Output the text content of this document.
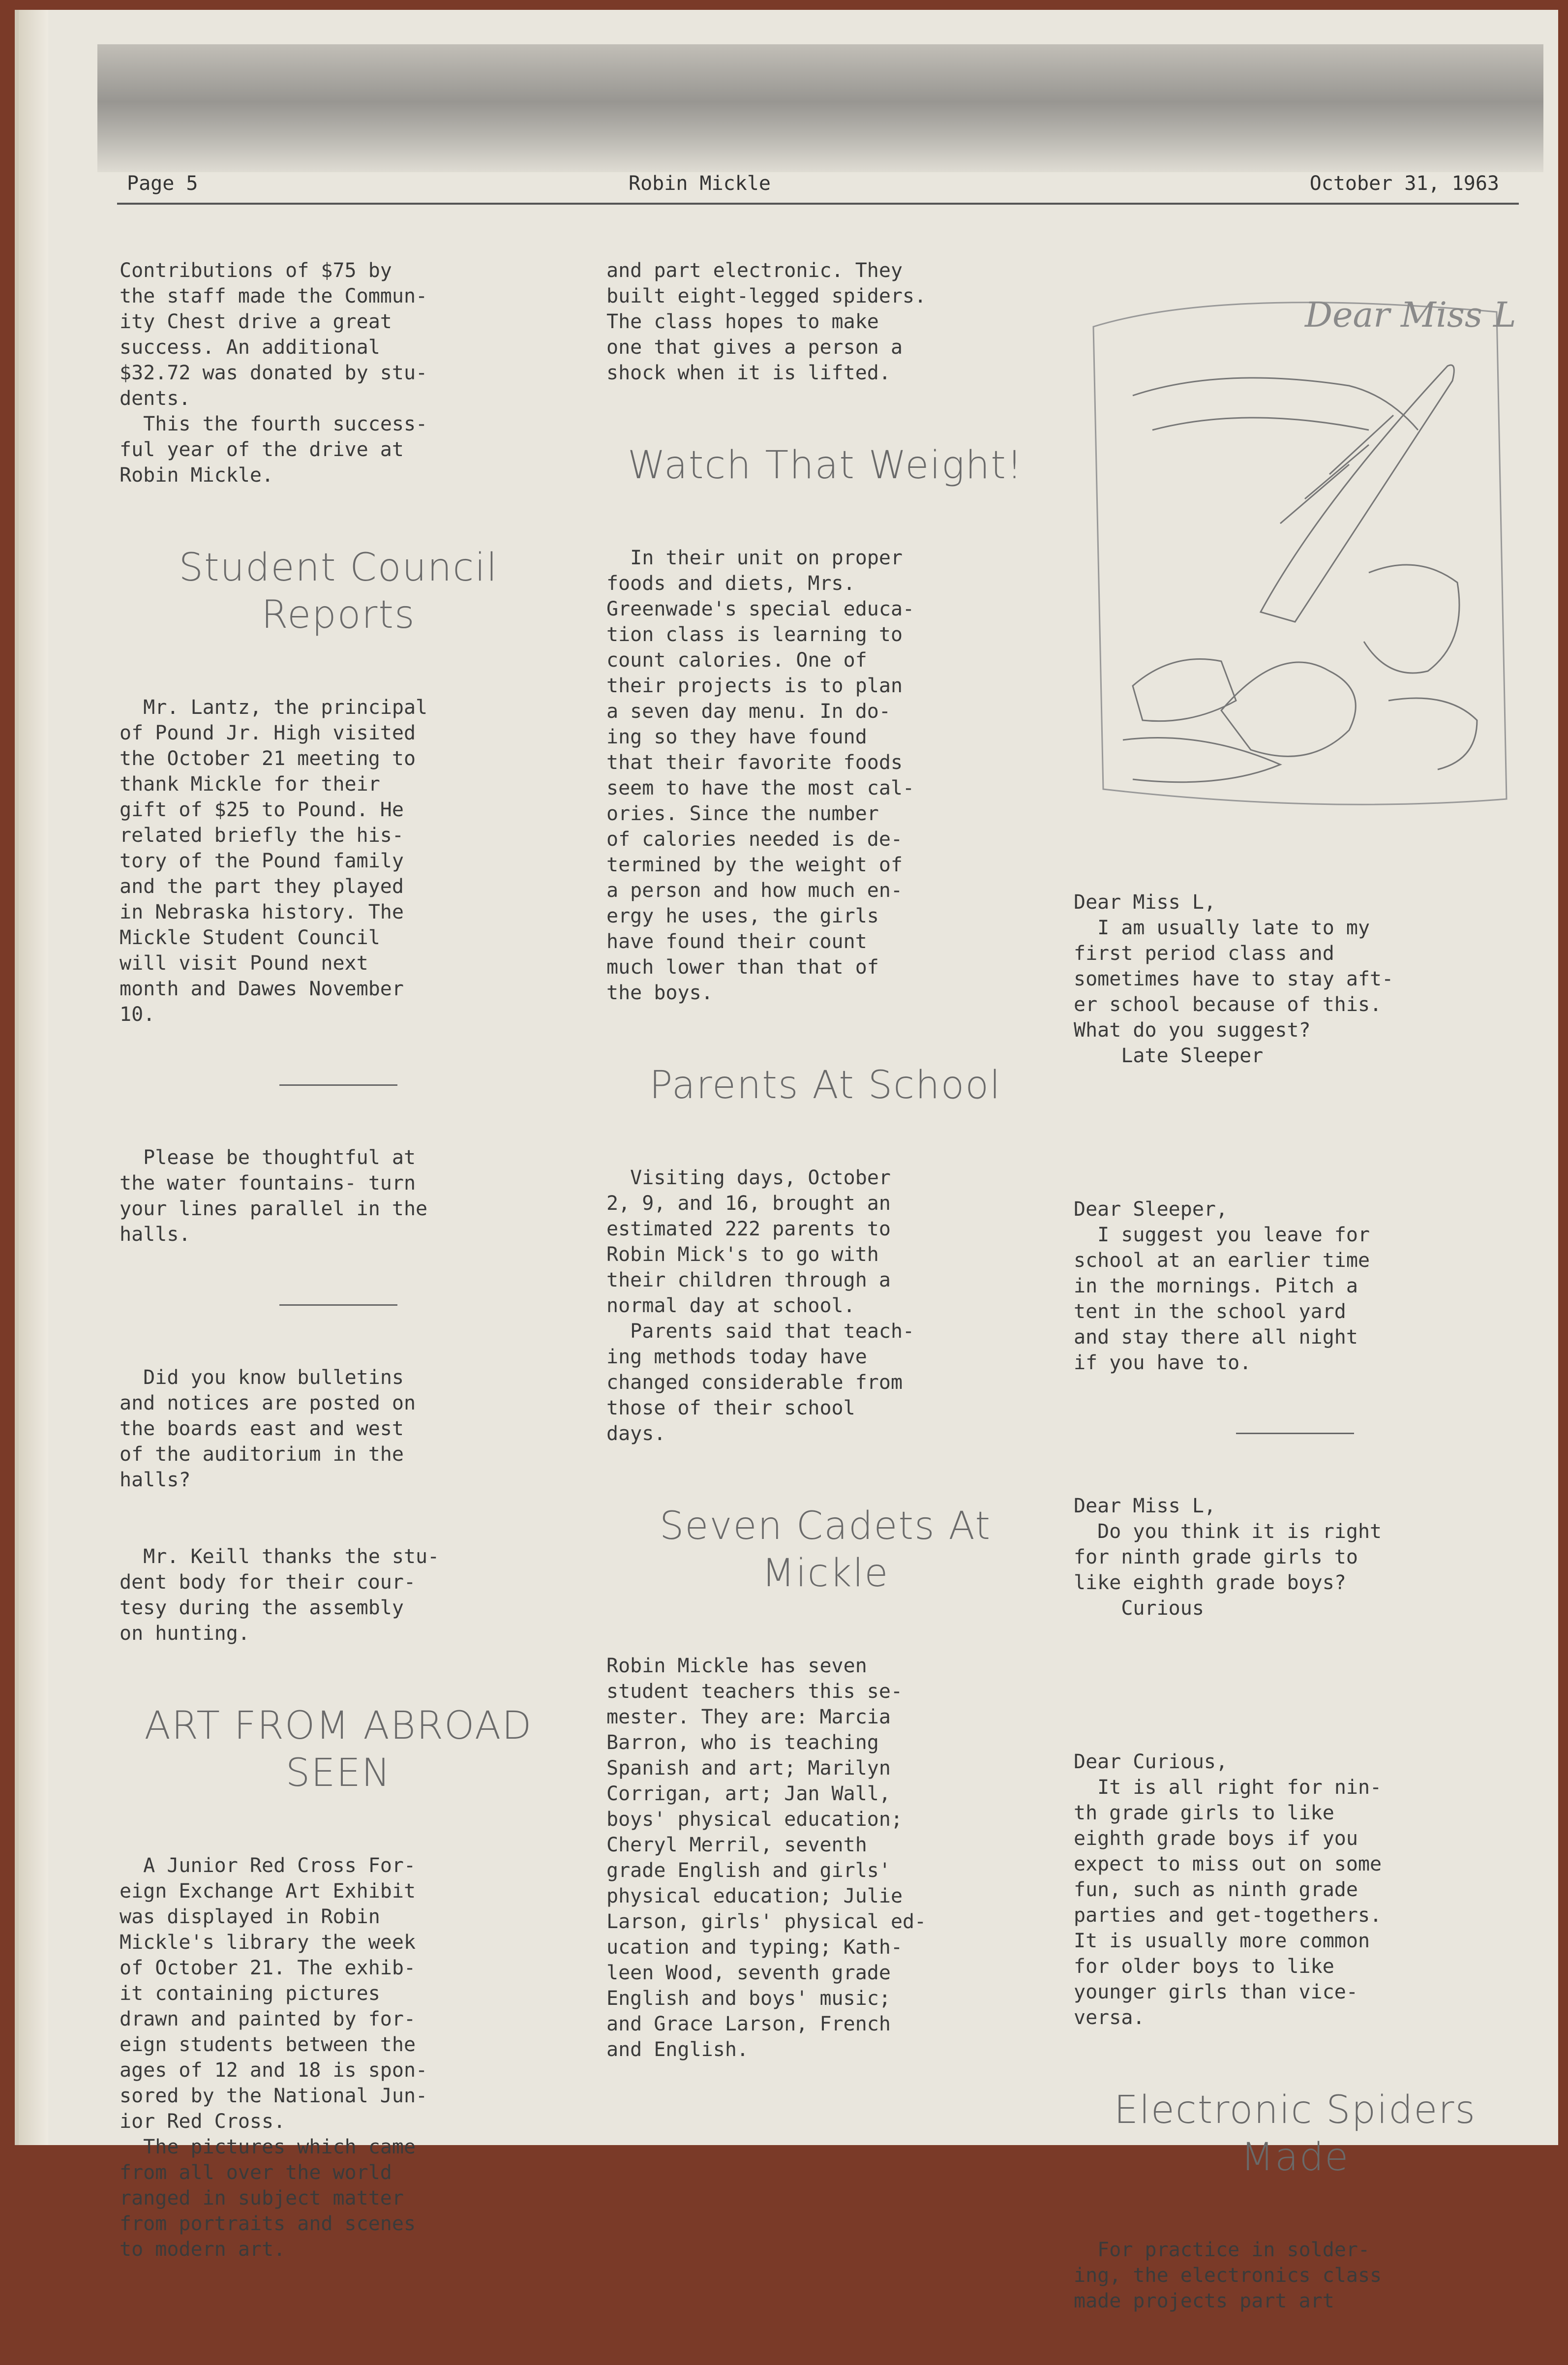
Page 5	Robin Mickle	October 31, 1963

Contributions of $75 by
the staff made the Commun-
ity Chest drive a great
success. An additional
$32.72 was donated by stu-
dents.
This the fourth success-
ful year of the drive at
Robin Mickle.

Student Council Reports

Mr. Lantz, the principal
of Pound Jr. High visited
the October 21 meeting to
thank Mickle for their
gift of $25 to Pound. He
related briefly the his-
tory of the Pound family
and the part they played
in Nebraska history. The
Mickle Student Council
will visit Pound next
month and Dawes November
10.

Please be thoughtful at
the water fountains- turn
your lines parallel in the
halls.

Did you know bulletins
and notices are posted on
the boards east and west
of the auditorium in the
halls?

Mr. Keill thanks the stu-
dent body for their cour-
tesy during the assembly
on hunting.

ART FROM ABROAD SEEN

A Junior Red Cross For-
eign Exchange Art Exhibit
was displayed in Robin
Mickle's library the week
of October 21. The exhib-
it containing pictures
drawn and painted by for-
eign students between the
ages of 12 and 18 is spon-
sored by the National Jun-
ior Red Cross.
The pictures which came
from all over the world
ranged in subject matter
from portraits and scenes
to modern art.

and part electronic. They
built eight-legged spiders.
The class hopes to make
one that gives a person a
shock when it is lifted.

Watch That Weight!

In their unit on proper
foods and diets, Mrs.
Greenwade's special educa-
tion class is learning to
count calories. One of
their projects is to plan
a seven day menu. In do-
ing so they have found
that their favorite foods
seem to have the most cal-
ories. Since the number
of calories needed is de-
termined by the weight of
a person and how much en-
ergy he uses, the girls
have found their count
much lower than that of
the boys.

Parents At School

Visiting days, October
2, 9, and 16, brought an
estimated 222 parents to
Robin Mick's to go with
their children through a
normal day at school.
Parents said that teach-
ing methods today have
changed considerable from
those of their school
days.

Seven Cadets At Mickle

Robin Mickle has seven
student teachers this se-
mester. They are: Marcia
Barron, who is teaching
Spanish and art; Marilyn
Corrigan, art; Jan Wall,
boys' physical education;
Cheryl Merril, seventh
grade English and girls'
physical education; Julie
Larson, girls' physical ed-
ucation and typing; Kath-
leen Wood, seventh grade
English and boys' music;
and Grace Larson, French
and English.

Dear Miss L

Dear Miss L,
I am usually late to my
first period class and
sometimes have to stay aft-
er school because of this.
What do you suggest?
Late Sleeper

Dear Sleeper,
I suggest you leave for
school at an earlier time
in the mornings. Pitch a
tent in the school yard
and stay there all night
if you have to.

Dear Miss L,
Do you think it is right
for ninth grade girls to
like eighth grade boys?
Curious

Dear Curious,
It is all right for nin-
th grade girls to like
eighth grade boys if you
expect to miss out on some
fun, such as ninth grade
parties and get-togethers.
It is usually more common
for older boys to like
younger girls than vice-
versa.

Electronic Spiders Made

For practice in solder-
ing, the electronics class
made projects part art
